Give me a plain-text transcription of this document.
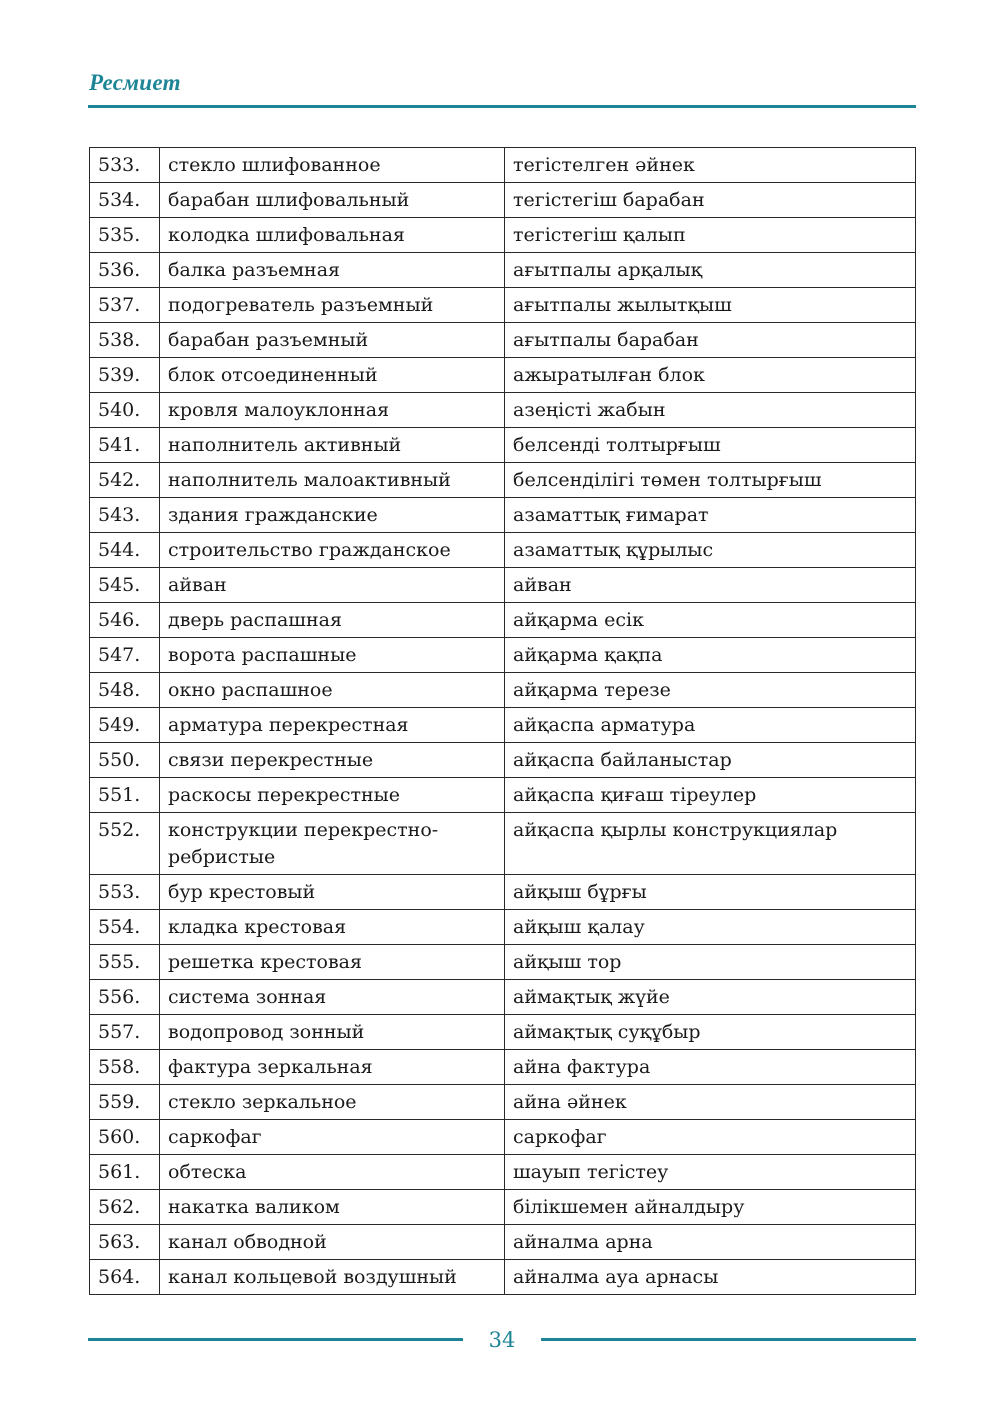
Ресмиет
533.	стекло шлифованное	тегістелген әйнек
534.	барабан шлифовальный	тегістегіш барабан
535.	колодка шлифовальная	тегістегіш қалып
536.	балка разъемная	ағытпалы арқалық
537.	подогреватель разъемный	ағытпалы жылытқыш
538.	барабан разъемный	ағытпалы барабан
539.	блок отсоединенный	ажыратылған блок
540.	кровля малоуклонная	азеңісті жабын
541.	наполнитель активный	белсенді толтырғыш
542.	наполнитель малоактивный	белсенділігі төмен толтырғыш
543.	здания гражданские	азаматтық ғимарат
544.	строительство гражданское	азаматтық құрылыс
545.	айван	айван
546.	дверь распашная	айқарма есік
547.	ворота распашные	айқарма қақпа
548.	окно распашное	айқарма терезе
549.	арматура перекрестная	айқаспа арматура
550.	связи перекрестные	айқаспа байланыстар
551.	раскосы перекрестные	айқаспа қиғаш тіреулер
552.	конструкции перекрестно-ребристые	айқаспа қырлы конструкциялар
553.	бур крестовый	айқыш бұрғы
554.	кладка крестовая	айқыш қалау
555.	решетка крестовая	айқыш тор
556.	система зонная	аймақтық жүйе
557.	водопровод зонный	аймақтық суқұбыр
558.	фактура зеркальная	айна фактура
559.	стекло зеркальное	айна әйнек
560.	саркофаг	саркофаг
561.	обтеска	шауып тегістеу
562.	накатка валиком	білікшемен айналдыру
563.	канал обводной	айналма арна
564.	канал кольцевой воздушный	айналма ауа арнасы
34
